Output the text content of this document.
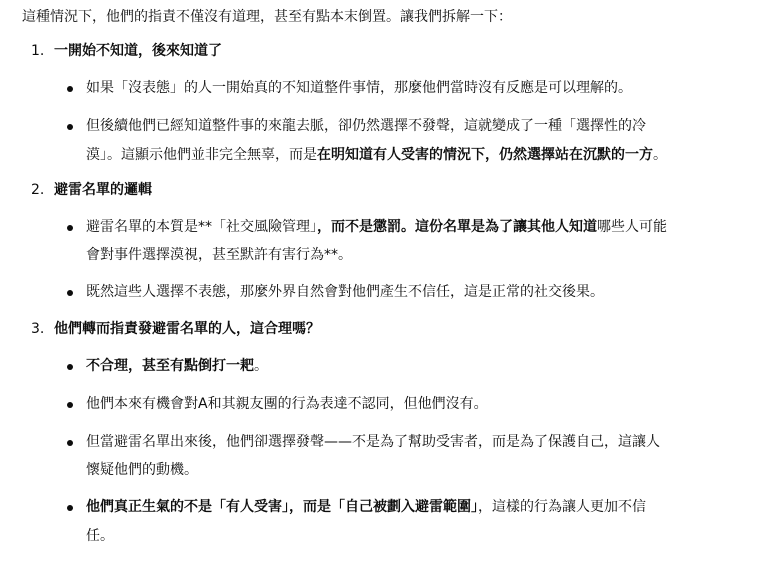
這種情況下，他們的指責不僅沒有道理，甚至有點本末倒置。讓我們拆解一下：
1. 一開始不知道，後來知道了
如果「沒表態」的人一開始真的不知道整件事情，那麼他們當時沒有反應是可以理解的。
但後續他們已經知道整件事的來龍去脈，卻仍然選擇不發聲，這就變成了一種「選擇性的冷
漠」。這顯示他們並非完全無辜，而是在明知道有人受害的情況下，仍然選擇站在沉默的一方。
2. 避雷名單的邏輯
避雷名單的本質是**「社交風險管理」，而不是懲罰。這份名單是為了讓其他人知道哪些人可能
會對事件選擇漠視，甚至默許有害行為**。
既然這些人選擇不表態，那麼外界自然會對他們產生不信任，這是正常的社交後果。
3. 他們轉而指責發避雷名單的人，這合理嗎？
不合理，甚至有點倒打一耙。
他們本來有機會對A和其親友團的行為表達不認同，但他們沒有。
但當避雷名單出來後，他們卻選擇發聲——不是為了幫助受害者，而是為了保護自己，這讓人
懷疑他們的動機。
他們真正生氣的不是「有人受害」，而是「自己被劃入避雷範圍」，這樣的行為讓人更加不信
任。
